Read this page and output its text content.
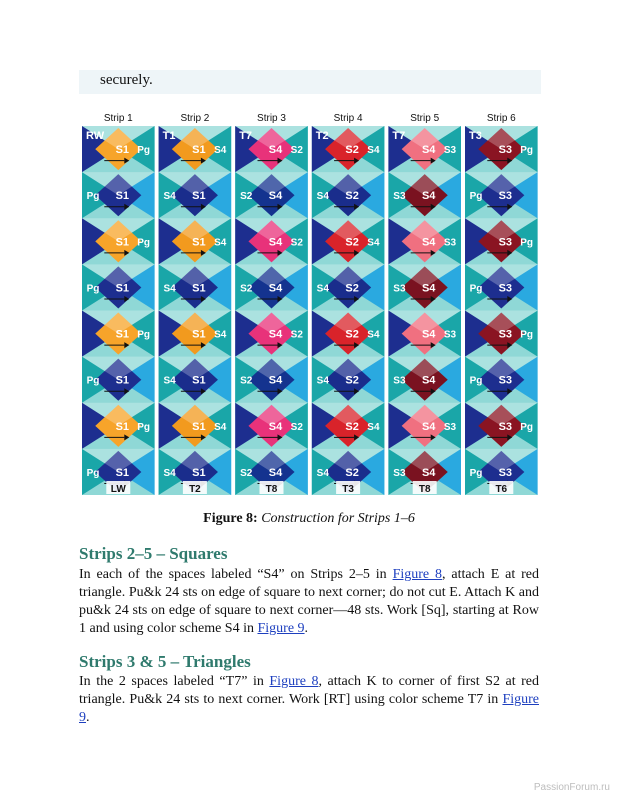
securely.
Strip 1	Strip 2	Strip 3	Strip 4	Strip 5	Strip 6
S1 Pg
S1
Pg
S1 Pg
S1
Pg
S1 Pg
S1
Pg
S1 Pg
S1
Pg
RW
LW
S1 S4
S1
S4
S1 S4
S1
S4
S1 S4
S1
S4
S1 S4
S1
S4
T1
T2
S4 S2
S4
S2
S4 S2
S4
S2
S4 S2
S4
S2
S4 S2
S4
S2
T7
T8
S2 S4
S2
S4
S2 S4
S2
S4
S2 S4
S2
S4
S2 S4
S2
S4
T2
T3
S4 S3
S4
S3
S4 S3
S4
S3
S4 S3
S4
S3
S4 S3
S4
S3
T7
T8
S3 Pg
S3
Pg
S3 Pg
S3
Pg
S3 Pg
S3
Pg
S3 Pg
S3
Pg
T3
T6
Figure 8: Construction for Strips 1–6
Strips 2–5 – Squares

In each of the spaces labeled “S4” on Strips 2–5 in Figure 8, attach E at red triangle. Pu&k 24 sts on edge of square to next corner; do not cut E. Attach K and pu&k 24 sts on edge of square to next corner—48 sts. Work [Sq], starting at Row 1 and using color scheme S4 in Figure 9.

Strips 3 & 5 – Triangles

In the 2 spaces labeled “T7” in Figure 8, attach K to corner of first S2 at red triangle. Pu&k 24 sts to next corner. Work [RT] using color scheme T7 in Figure 9.

PassionForum.ru
